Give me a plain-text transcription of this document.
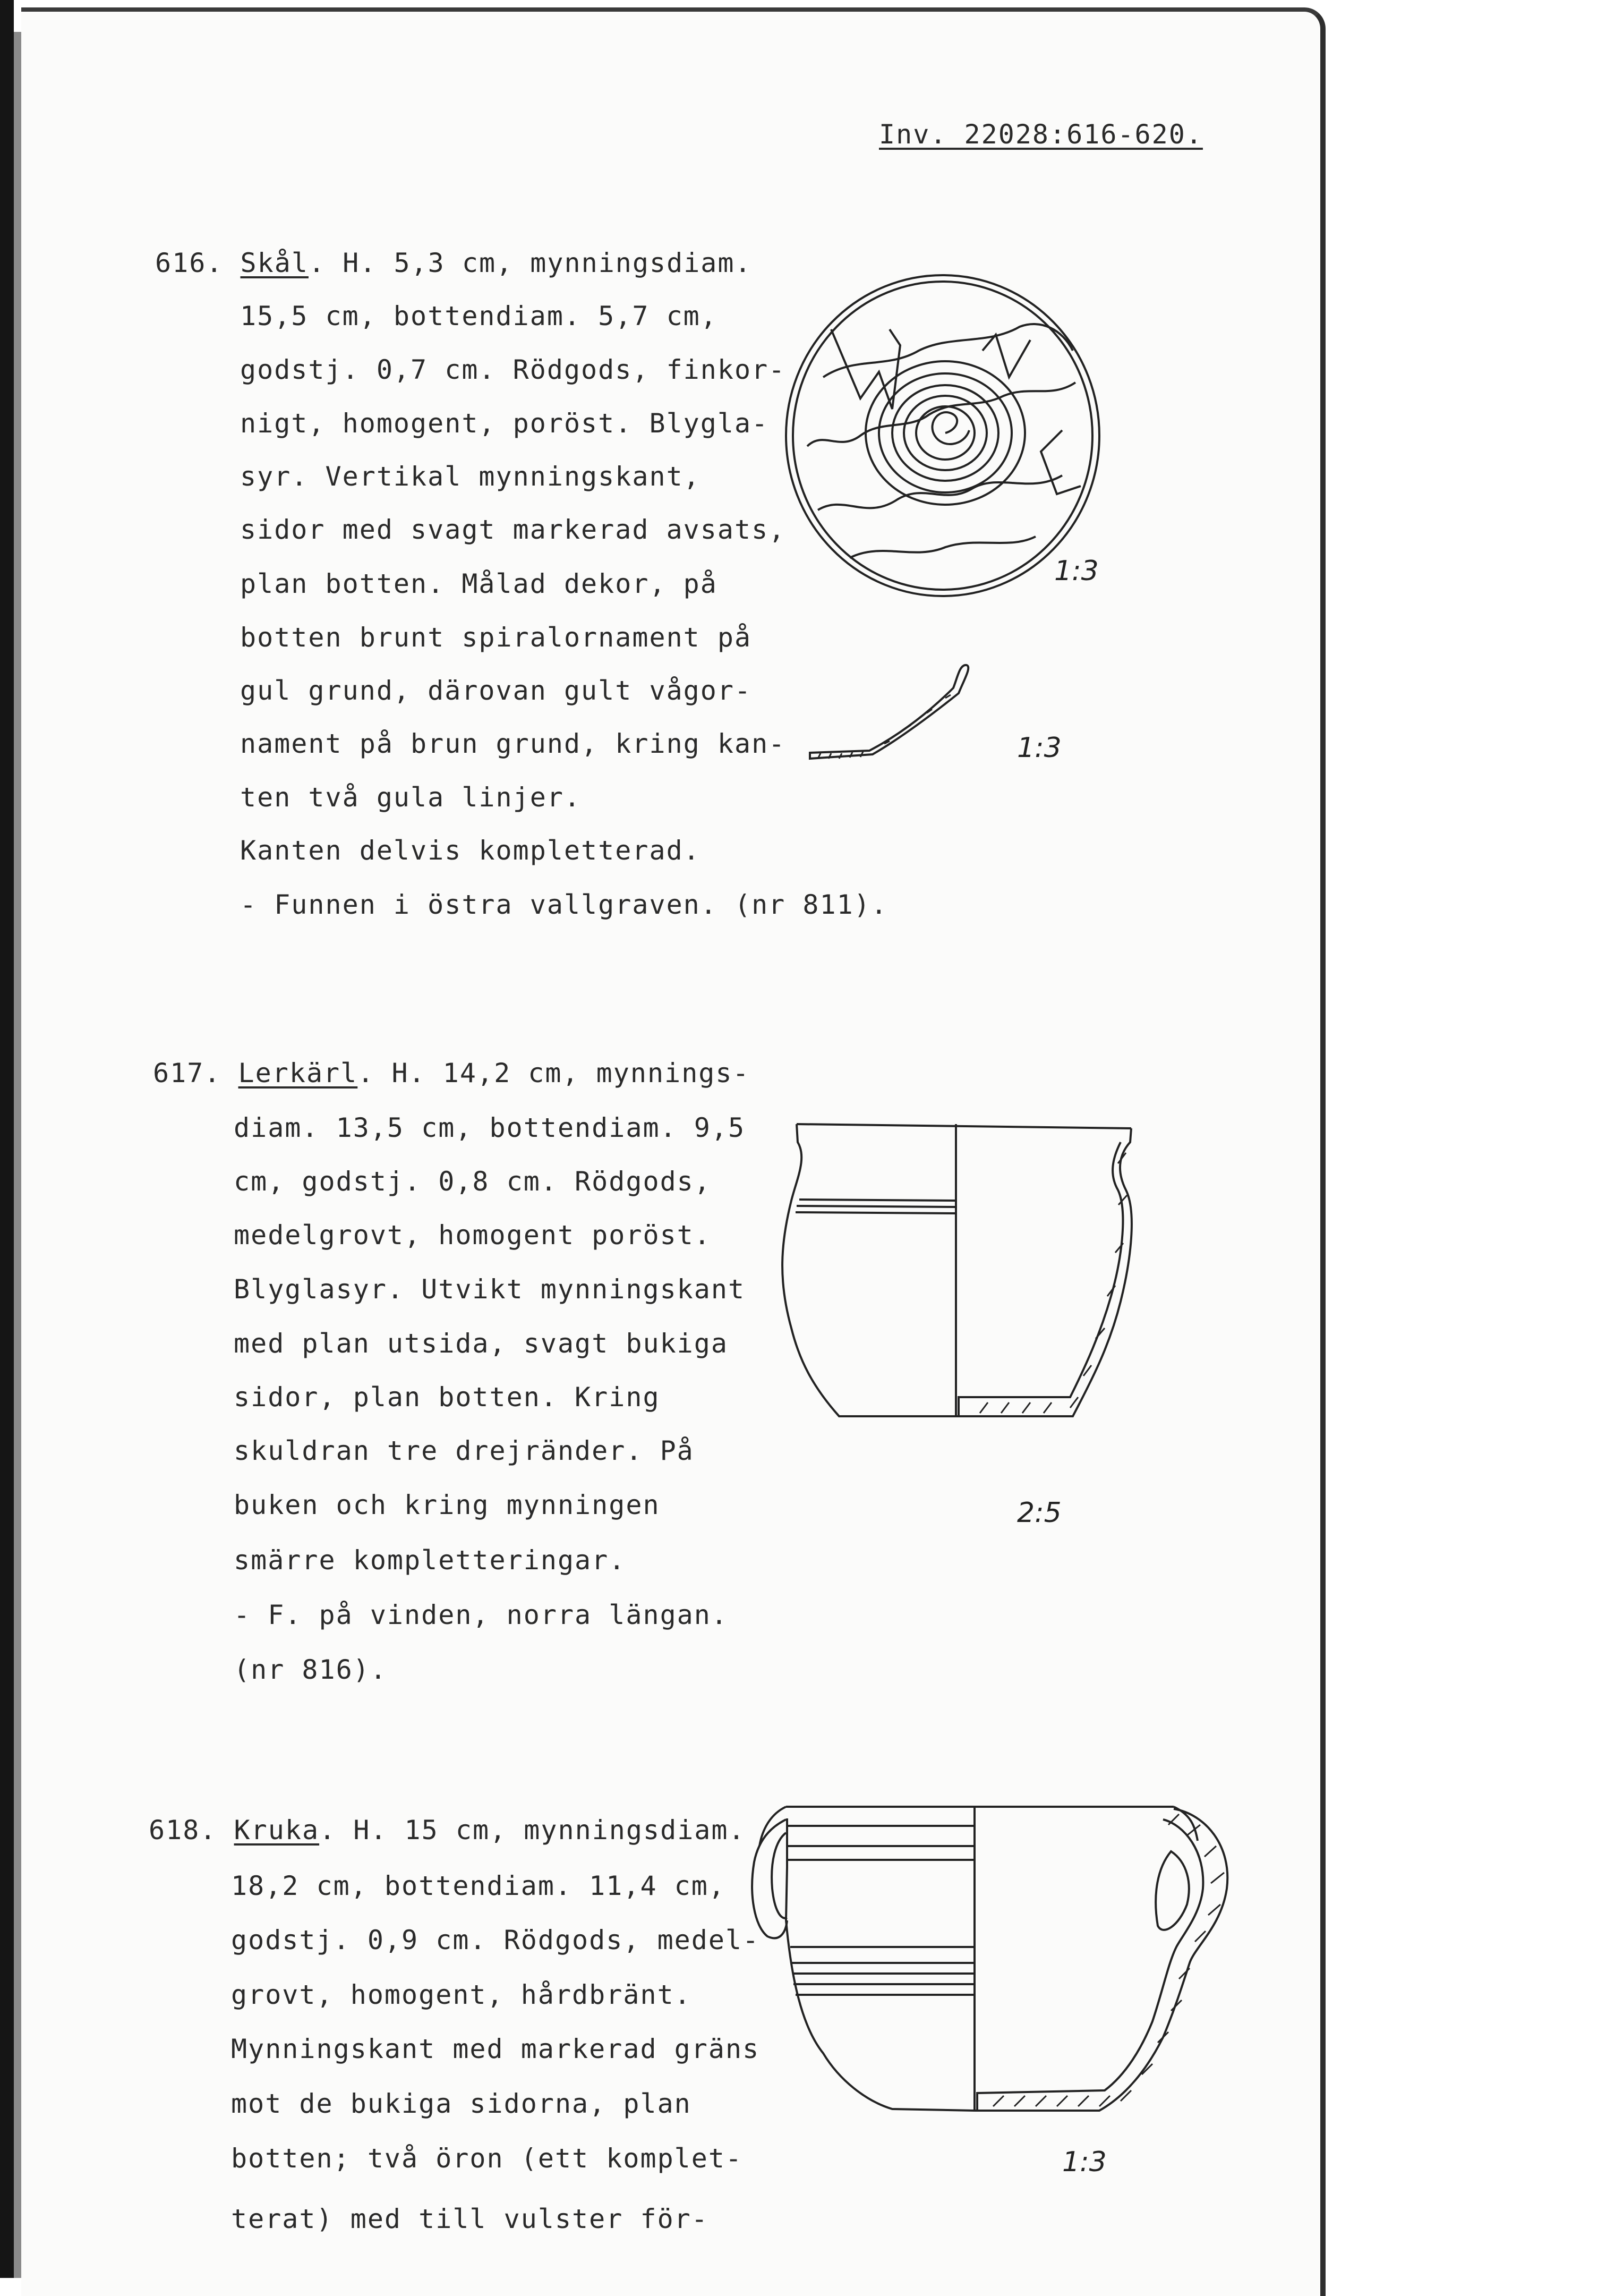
Inv. 22028:616-620.
616. Skål. H. 5,3 cm, mynningsdiam.
15,5 cm, bottendiam. 5,7 cm,
godstj. 0,7 cm. Rödgods, finkor-
nigt, homogent, poröst. Blygla-
syr. Vertikal mynningskant,
sidor med svagt markerad avsats,
plan botten. Målad dekor, på
botten brunt spiralornament på
gul grund, därovan gult vågor-
nament på brun grund, kring kan-
ten två gula linjer.
Kanten delvis kompletterad.
- Funnen i östra vallgraven. (nr 811).
1:3
1:3
617. Lerkärl. H. 14,2 cm, mynnings-
diam. 13,5 cm, bottendiam. 9,5
cm, godstj. 0,8 cm. Rödgods,
medelgrovt, homogent poröst.
Blyglasyr. Utvikt mynningskant
med plan utsida, svagt bukiga
sidor, plan botten. Kring
skuldran tre drejränder. På
buken och kring mynningen
smärre kompletteringar.
- F. på vinden, norra längan.
(nr 816).
2:5
618. Kruka. H. 15 cm, mynningsdiam.
18,2 cm, bottendiam. 11,4 cm,
godstj. 0,9 cm. Rödgods, medel-
grovt, homogent, hårdbränt.
Mynningskant med markerad gräns
mot de bukiga sidorna, plan
botten; två öron (ett komplet-
terat) med till vulster för-
1:3
